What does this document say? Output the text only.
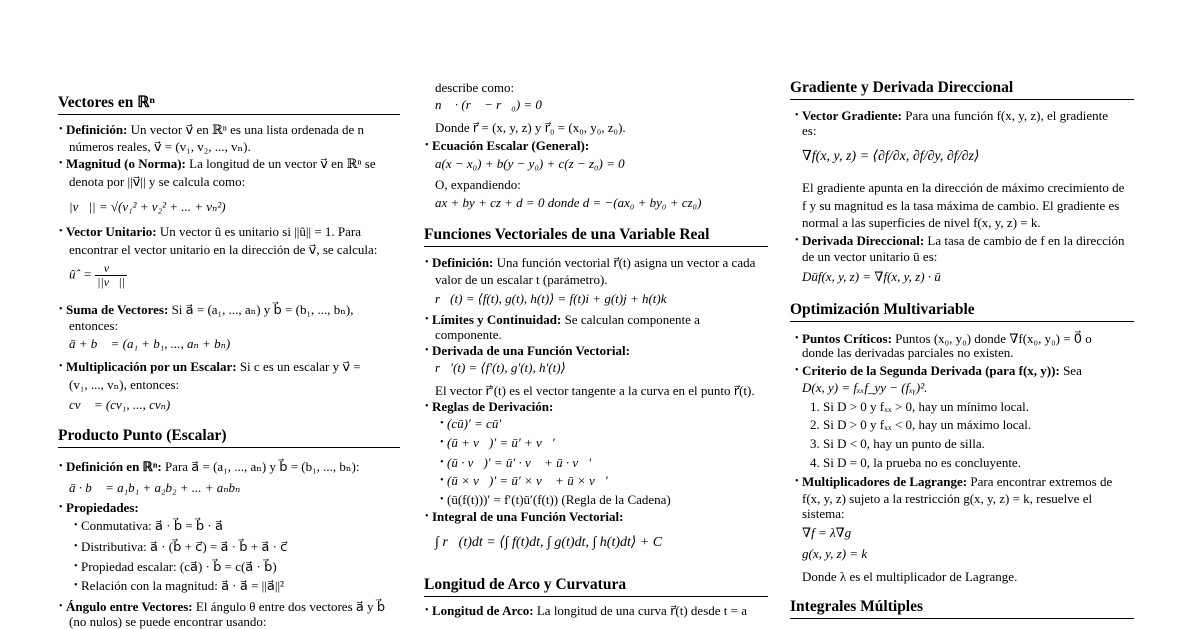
Vectores en ℝⁿ
• Definición: Un vector v⃗ en ℝⁿ es una lista ordenada de n
números reales, v⃗ = (v₁, v₂, ..., vₙ).
• Magnitud (o Norma): La longitud de un vector v⃗ en ℝⁿ se
denota por ||v⃗|| y se calcula como:
|v⃗|| = √(v₁² + v₂² + ... + vₙ²)
• Vector Unitario: Un vector û es unitario si ||û|| = 1. Para
encontrar el vector unitario en la dirección de v⃗, se calcula:
ûˆ = $\frac{v⃗}{||v⃗||}$
• Suma de Vectores: Si a⃗ = (a₁, ..., aₙ) y b⃗ = (b₁, ..., bₙ),
entonces:
ā + b⃗ = (a₁ + b₁, ..., aₙ + bₙ)
• Multiplicación por un Escalar: Si c es un escalar y v⃗ =
(v₁, ..., vₙ), entonces:
cv⃗ = (cv₁, ..., cvₙ)
Producto Punto (Escalar)
• Definición en ℝⁿ: Para a⃗ = (a₁, ..., aₙ) y b⃗ = (b₁, ..., bₙ):
ā · b⃗ = a₁b₁ + a₂b₂ + ... + aₙbₙ
• Propiedades:
• Conmutativa: a⃗ · b⃗ = b⃗ · a⃗
• Distributiva: a⃗ · (b⃗ + c⃗) = a⃗ · b⃗ + a⃗ · c⃗
• Propiedad escalar: (ca⃗) · b⃗ = c(a⃗ · b⃗)
• Relación con la magnitud: a⃗ · a⃗ = ||a⃗||²
• Ángulo entre Vectores: El ángulo θ entre dos vectores a⃗ y b⃗
(no nulos) se puede encontrar usando:
describe como:
n⃗ · (r⃗ − r⃗₀) = 0
Donde r⃗ = (x, y, z) y r⃗₀ = (x₀, y₀, z₀).
• Ecuación Escalar (General):
a(x − x₀) + b(y − y₀) + c(z − z₀) = 0
O, expandiendo:
ax + by + cz + d = 0 donde d = −(ax₀ + by₀ + cz₀)
Funciones Vectoriales de una Variable Real
• Definición: Una función vectorial r⃗(t) asigna un vector a cada
valor de un escalar t (parámetro).
r⃗(t) = ⟨f(t), g(t), h(t)⟩ = f(t)i + g(t)j + h(t)k
• Límites y Continuidad: Se calculan componente a
componente.
• Derivada de una Función Vectorial:
r⃗′(t) = ⟨f′(t), g′(t), h′(t)⟩
El vector r⃗′(t) es el vector tangente a la curva en el punto r⃗(t).
• Reglas de Derivación:
• (cū)′ = cū′
• (ū + v⃗)′ = ū′ + v⃗′
• (ū · v⃗)′ = ū′ · v⃗ + ū · v⃗′
• (ū × v⃗)′ = ū′ × v⃗ + ū × v⃗′
• (ū(f(t)))′ = f′(t)ū′(f(t)) (Regla de la Cadena)
• Integral de una Función Vectorial:
∫ r⃗(t)dt = ⟨∫ f(t)dt, ∫ g(t)dt, ∫ h(t)dt⟩ + C⃗
Longitud de Arco y Curvatura
• Longitud de Arco: La longitud de una curva r⃗(t) desde t = a
Gradiente y Derivada Direccional
• Vector Gradiente: Para una función f(x, y, z), el gradiente
es:
∇f(x, y, z) = ⟨∂f/∂x, ∂f/∂y, ∂f/∂z⟩
El gradiente apunta en la dirección de máximo crecimiento de
f y su magnitud es la tasa máxima de cambio. El gradiente es
normal a las superficies de nivel f(x, y, z) = k.
• Derivada Direccional: La tasa de cambio de f en la dirección
de un vector unitario ū es:
Dūf(x, y, z) = ∇f(x, y, z) · ū
Optimización Multivariable
• Puntos Críticos: Puntos (x₀, y₀) donde ∇f(x₀, y₀) = 0⃗ o
donde las derivadas parciales no existen.
• Criterio de la Segunda Derivada (para f(x, y)): Sea
D(x, y) = fₓₓf_yy − (fₓᵧ)².
1. Si D > 0 y fₓₓ > 0, hay un mínimo local.
2. Si D > 0 y fₓₓ < 0, hay un máximo local.
3. Si D < 0, hay un punto de silla.
4. Si D = 0, la prueba no es concluyente.
• Multiplicadores de Lagrange: Para encontrar extremos de
f(x, y, z) sujeto a la restricción g(x, y, z) = k, resuelve el
sistema:
∇f = λ∇g
g(x, y, z) = k
Donde λ es el multiplicador de Lagrange.
Integrales Múltiples
